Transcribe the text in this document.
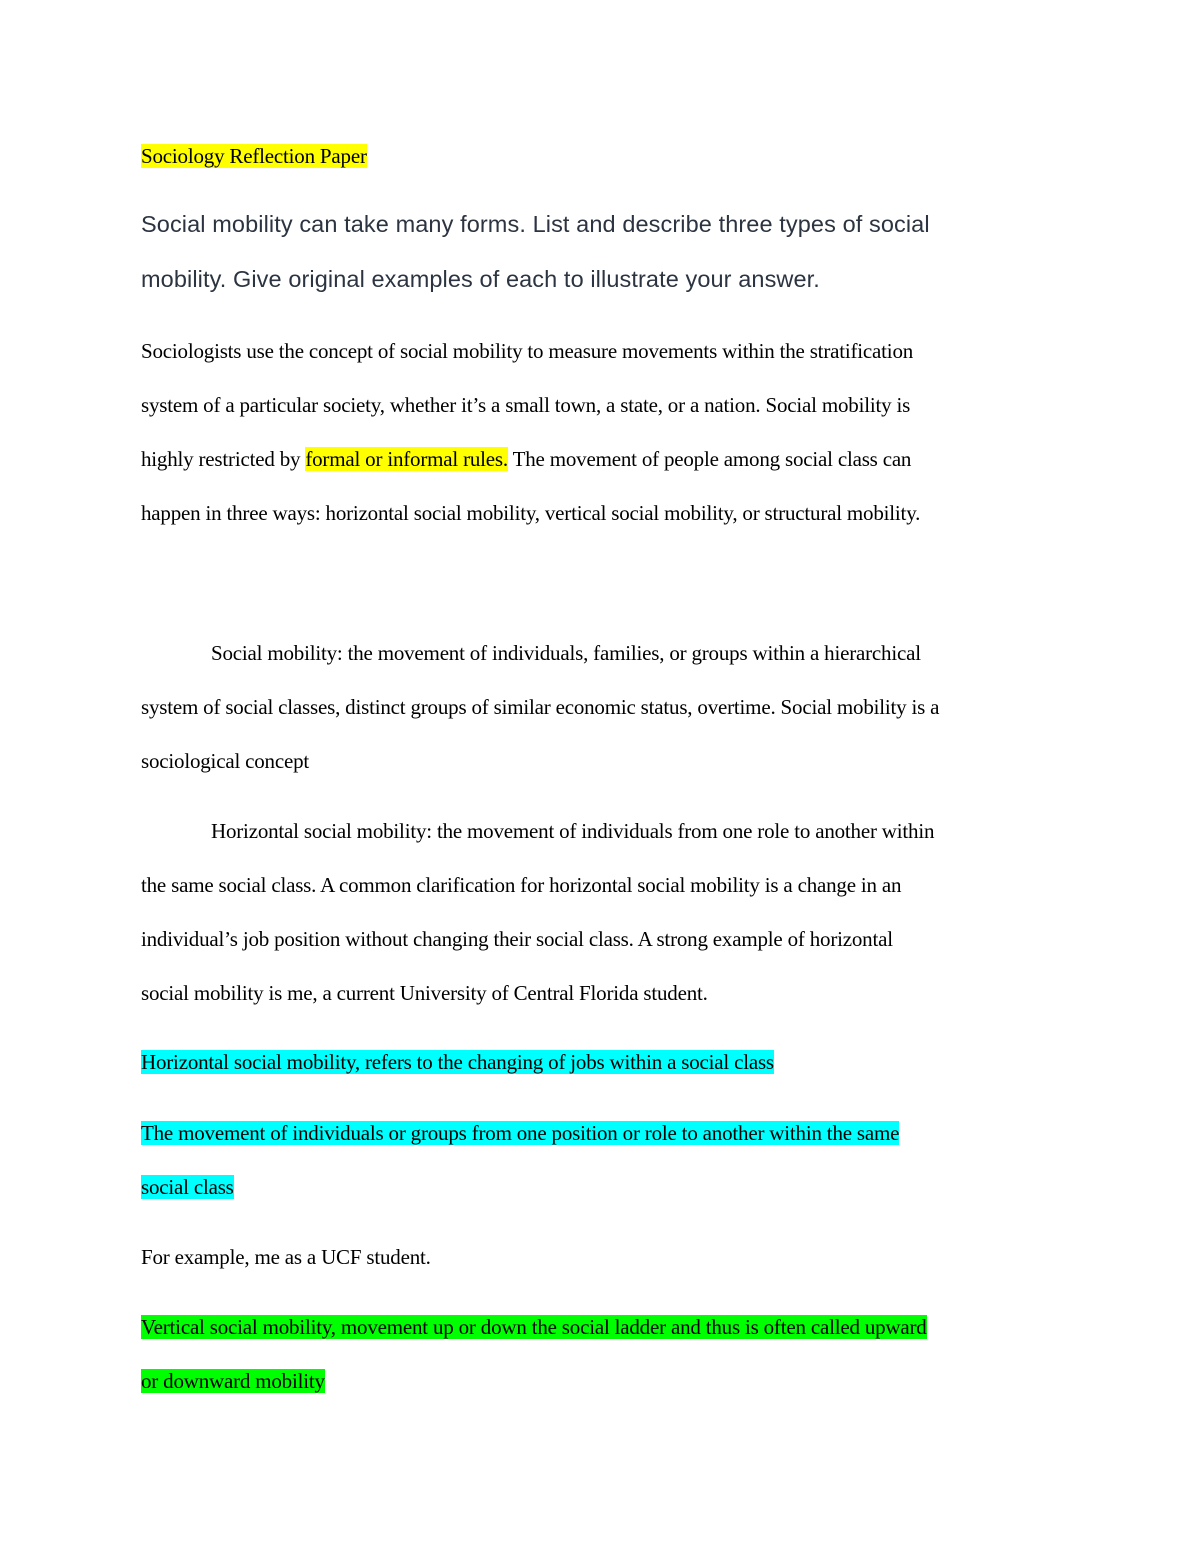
Sociology Reflection Paper
Social mobility can take many forms. List and describe three types of social
mobility. Give original examples of each to illustrate your answer.
Sociologists use the concept of social mobility to measure movements within the stratification
system of a particular society, whether it’s a small town, a state, or a nation. Social mobility is
highly restricted by formal or informal rules. The movement of people among social class can
happen in three ways: horizontal social mobility, vertical social mobility, or structural mobility.
Social mobility: the movement of individuals, families, or groups within a hierarchical
system of social classes, distinct groups of similar economic status, overtime. Social mobility is a
sociological concept
Horizontal social mobility: the movement of individuals from one role to another within
the same social class. A common clarification for horizontal social mobility is a change in an
individual’s job position without changing their social class. A strong example of horizontal
social mobility is me, a current University of Central Florida student.
Horizontal social mobility, refers to the changing of jobs within a social class
The movement of individuals or groups from one position or role to another within the same
social class
For example, me as a UCF student.
Vertical social mobility, movement up or down the social ladder and thus is often called upward
or downward mobility
